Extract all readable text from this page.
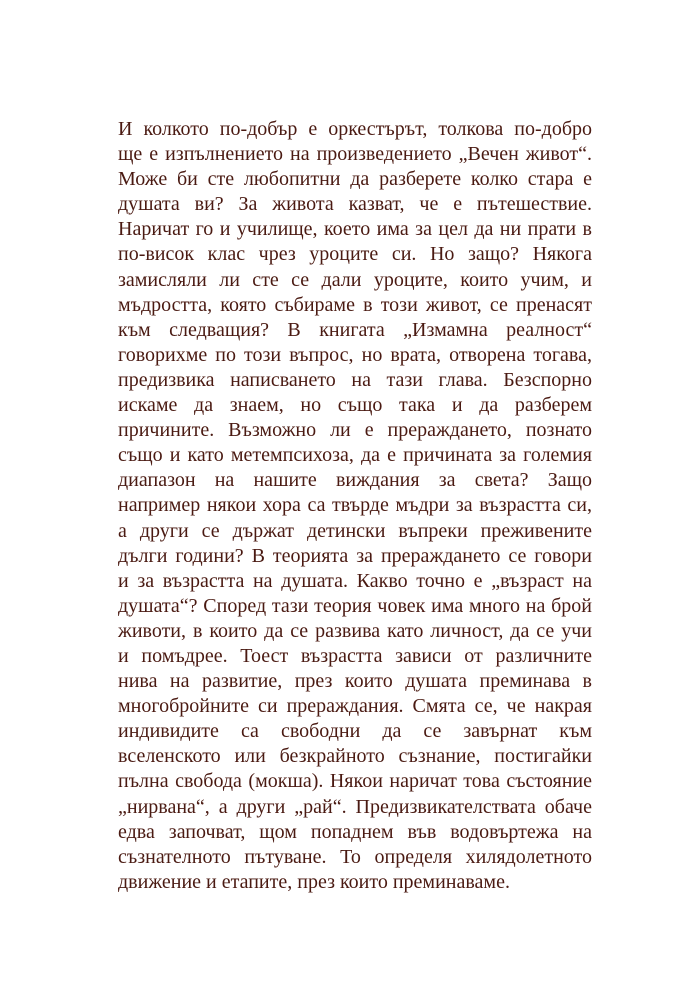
И колкото по-добър е оркестърът, толкова по-добро
ще е изпълнението на произведението „Вечен живот“.
Може би сте любопитни да разберете колко стара е
душата ви? За живота казват, че е пътешествие.
Наричат го и училище, което има за цел да ни прати в
по-висок клас чрез уроците си. Но защо? Някога
замисляли ли сте се дали уроците, които учим, и
мъдростта, която събираме в този живот, се пренасят
към следващия? В книгата „Измамна реалност“
говорихме по този въпрос, но врата, отворена тогава,
предизвика написването на тази глава. Безспорно
искаме да знаем, но също така и да разберем
причините. Възможно ли е прераждането, познато
също и като метемпсихоза, да е причината за големия
диапазон на нашите виждания за света? Защо
например някои хора са твърде мъдри за възрастта си,
а други се държат детински въпреки преживените
дълги години? В теорията за прераждането се говори
и за възрастта на душата. Какво точно е „възраст на
душата“? Според тази теория човек има много на брой
животи, в които да се развива като личност, да се учи
и помъдрее. Тоест възрастта зависи от различните
нива на развитие, през които душата преминава в
многобройните си прераждания. Смята се, че накрая
индивидите са свободни да се завърнат към
вселенското или безкрайното съзнание, постигайки
пълна свобода (мокша). Някои наричат това състояние
„нирвана“, а други „рай“. Предизвикателствата обаче
едва започват, щом попаднем във водовъртежа на
съзнателното пътуване. То определя хилядолетното
движение и етапите, през които преминаваме.
